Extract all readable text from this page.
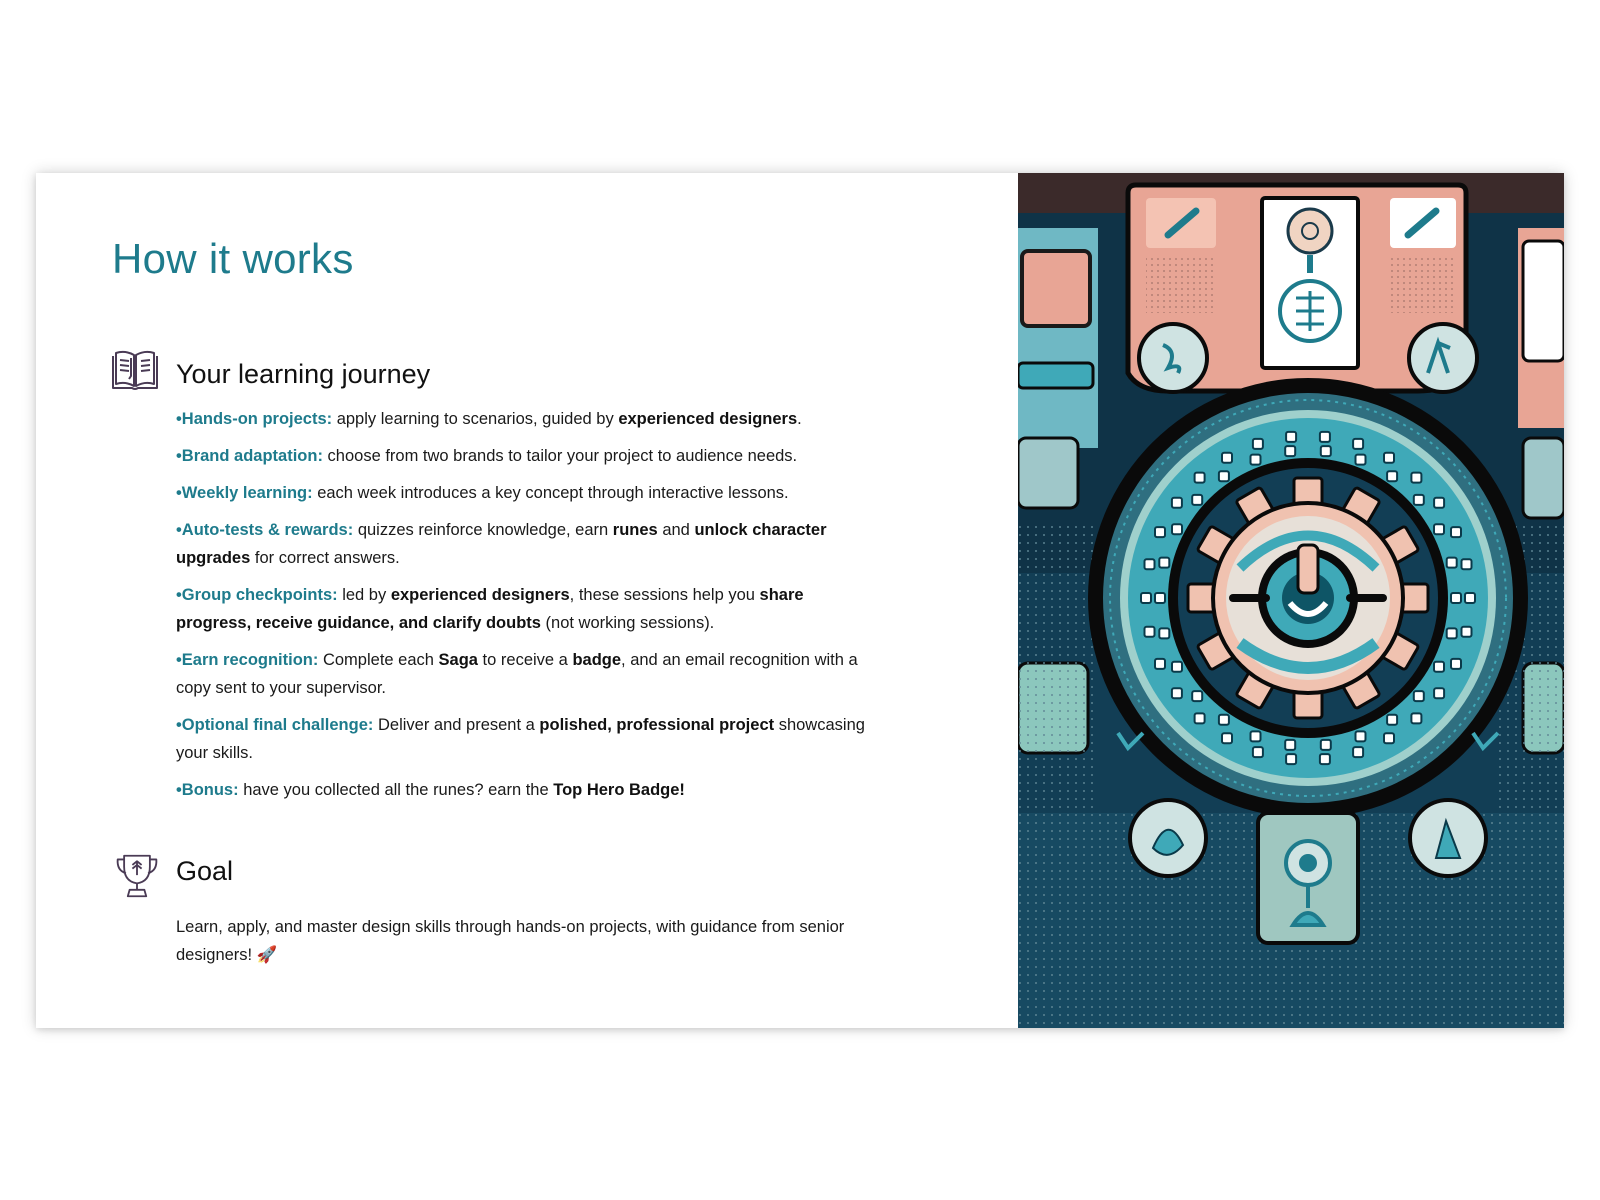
How it works
Your learning journey
•Hands-on projects: apply learning to scenarios, guided by experienced designers.
•Brand adaptation: choose from two brands to tailor your project to audience needs.
•Weekly learning: each week introduces a key concept through interactive lessons.
•Auto-tests & rewards: quizzes reinforce knowledge, earn runes and unlock character upgrades for correct answers.
•Group checkpoints: led by experienced designers, these sessions help you share progress, receive guidance, and clarify doubts (not working sessions).
•Earn recognition: Complete each Saga to receive a badge, and an email recognition with a copy sent to your supervisor.
•Optional final challenge: Deliver and present a polished, professional project showcasing your skills.
•Bonus: have you collected all the runes? earn the Top Hero Badge!
Goal
Learn, apply, and master design skills through hands-on projects, with guidance from senior designers! 🚀
